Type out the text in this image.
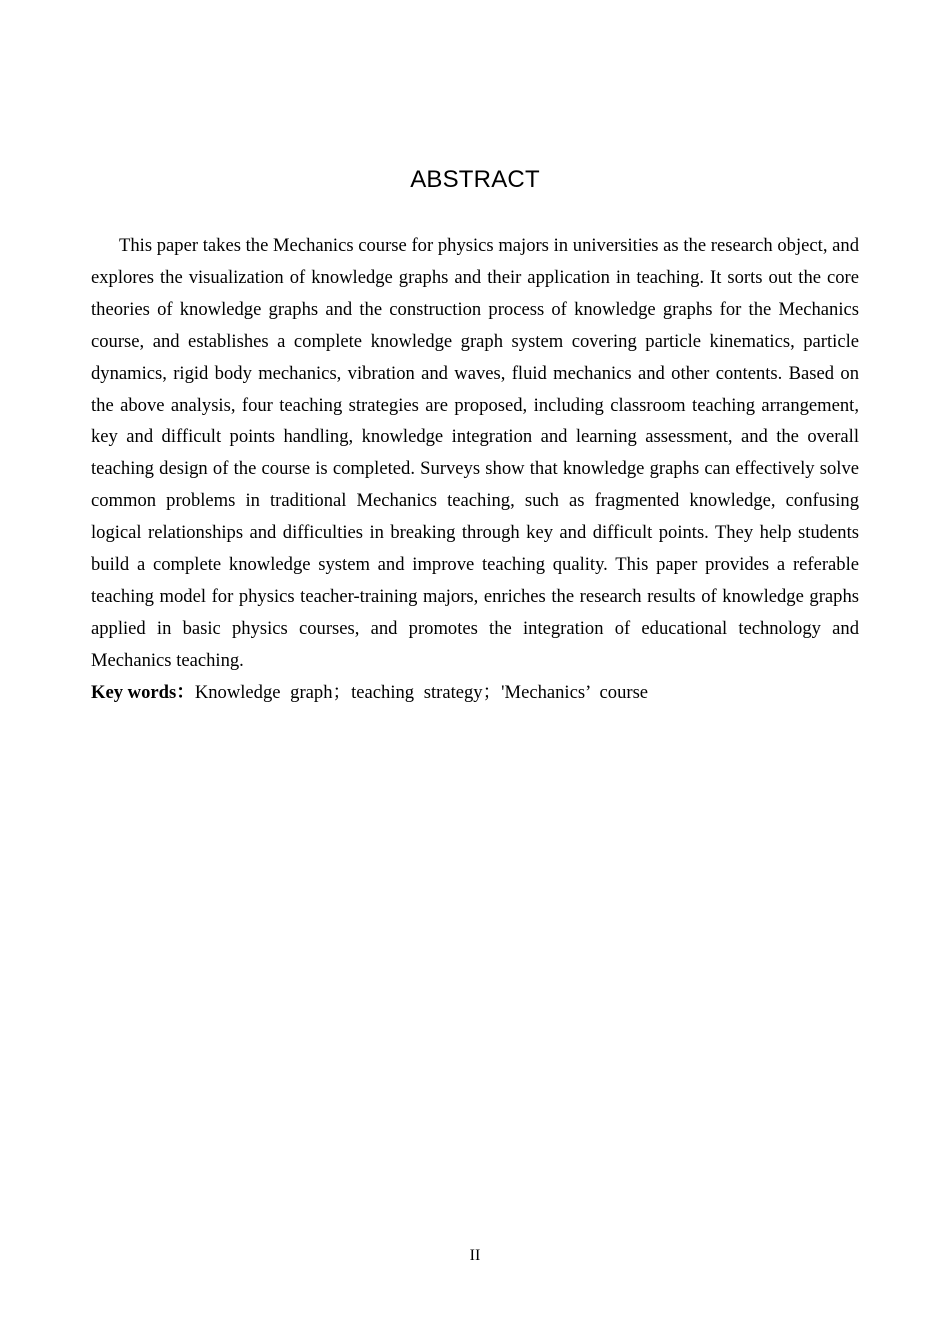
ABSTRACT

This paper takes the Mechanics course for physics majors in universities as the research object, and explores the visualization of knowledge graphs and their application in teaching. It sorts out the core theories of knowledge graphs and the construction process of knowledge graphs for the Mechanics course, and establishes a complete knowledge graph system covering particle kinematics, particle dynamics, rigid body mechanics, vibration and waves, fluid mechanics and other contents. Based on the above analysis, four teaching strategies are proposed, including classroom teaching arrangement, key and difficult points handling, knowledge integration and learning assessment, and the overall teaching design of the course is completed. Surveys show that knowledge graphs can effectively solve common problems in traditional Mechanics teaching, such as fragmented knowledge, confusing logical relationships and difficulties in breaking through key and difficult points. They help students build a complete knowledge system and improve teaching quality. This paper provides a referable teaching model for physics teacher-training majors, enriches the research results of knowledge graphs applied in basic physics courses, and promotes the integration of educational technology and Mechanics teaching.

Key words：Knowledge graph；teaching strategy；'Mechanics’ course

II
